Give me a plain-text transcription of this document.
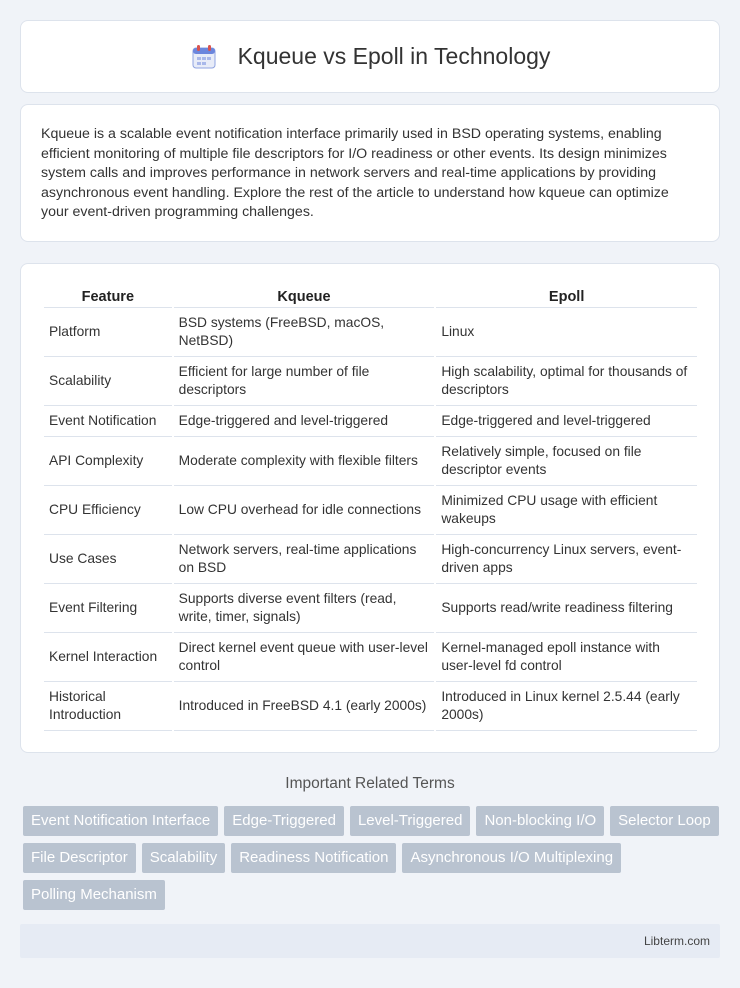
Kqueue vs Epoll in Technology

Kqueue is a scalable event notification interface primarily used in BSD operating systems, enabling efficient monitoring of multiple file descriptors for I/O readiness or other events. Its design minimizes system calls and improves performance in network servers and real-time applications by providing asynchronous event handling. Explore the rest of the article to understand how kqueue can optimize your event-driven programming challenges.

Feature	Kqueue	Epoll
Platform	BSD systems (FreeBSD, macOS, NetBSD)	Linux
Scalability	Efficient for large number of file descriptors	High scalability, optimal for thousands of descriptors
Event Notification	Edge-triggered and level-triggered	Edge-triggered and level-triggered
API Complexity	Moderate complexity with flexible filters	Relatively simple, focused on file descriptor events
CPU Efficiency	Low CPU overhead for idle connections	Minimized CPU usage with efficient wakeups
Use Cases	Network servers, real-time applications on BSD	High-concurrency Linux servers, event-driven apps
Event Filtering	Supports diverse event filters (read, write, timer, signals)	Supports read/write readiness filtering
Kernel Interaction	Direct kernel event queue with user-level control	Kernel-managed epoll instance with user-level fd control
Historical Introduction	Introduced in FreeBSD 4.1 (early 2000s)	Introduced in Linux kernel 2.5.44 (early 2000s)
Important Related Terms
Event Notification Interface	Edge-Triggered	Level-Triggered	Non-blocking I/O	Selector Loop
File Descriptor	Scalability	Readiness Notification	Asynchronous I/O Multiplexing
Polling Mechanism
Libterm.com
